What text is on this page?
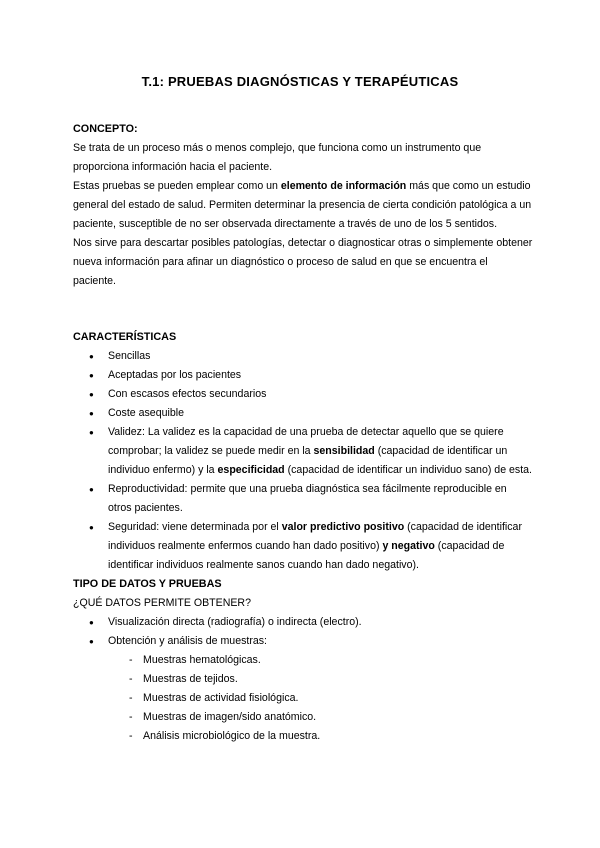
T.1: PRUEBAS DIAGNÓSTICAS Y TERAPÉUTICAS
CONCEPTO:

Se trata de un proceso más o menos complejo, que funciona como un instrumento que proporciona información hacia el paciente.

Estas pruebas se pueden emplear como un elemento de información más que como un estudio general del estado de salud. Permiten determinar la presencia de cierta condición patológica a un paciente, susceptible de no ser observada directamente a través de uno de los 5 sentidos.

Nos sirve para descartar posibles patologías, detectar o diagnosticar otras o simplemente obtener nueva información para afinar un diagnóstico o proceso de salud en que se encuentra el paciente.

CARACTERÍSTICAS
● Sencillas
● Aceptadas por los pacientes
● Con escasos efectos secundarios
● Coste asequible
● Validez: La validez es la capacidad de una prueba de detectar aquello que se quiere comprobar; la validez se puede medir en la sensibilidad (capacidad de identificar un individuo enfermo) y la especificidad (capacidad de identificar un individuo sano) de esta.
● Reproductividad: permite que una prueba diagnóstica sea fácilmente reproducible en otros pacientes.
● Seguridad: viene determinada por el valor predictivo positivo (capacidad de identificar individuos realmente enfermos cuando han dado positivo) y negativo (capacidad de identificar individuos realmente sanos cuando han dado negativo).
TIPO DE DATOS Y PRUEBAS
¿QUÉ DATOS PERMITE OBTENER?
● Visualización directa (radiografía) o indirecta (electro).
● Obtención y análisis de muestras:
- Muestras hematológicas.
- Muestras de tejidos.
- Muestras de actividad fisiológica.
- Muestras de imagen/sido anatómico.
- Análisis microbiológico de la muestra.
